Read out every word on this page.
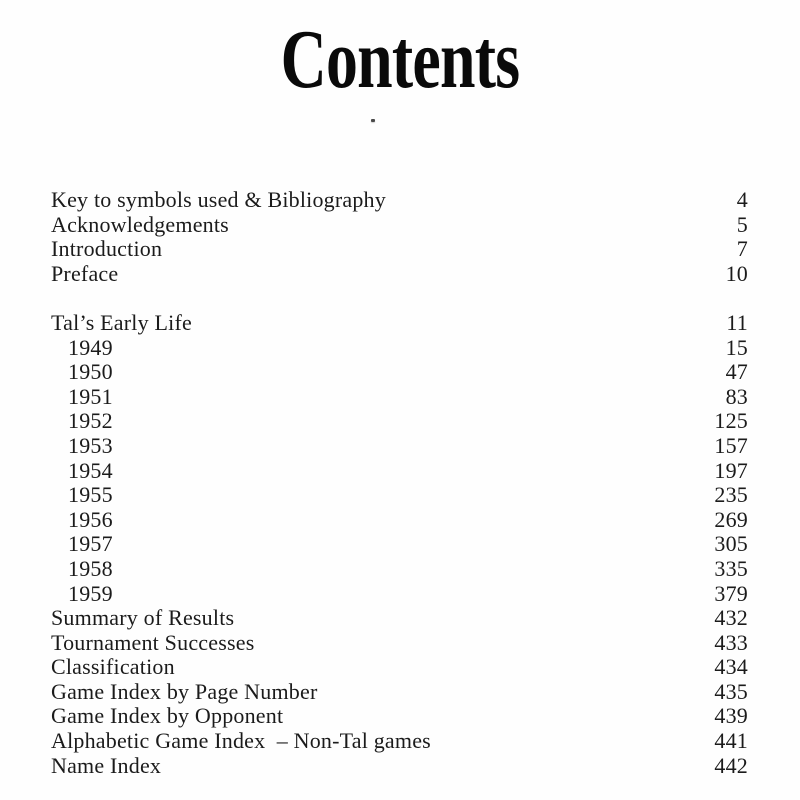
Contents
Key to symbols used & Bibliography	4
Acknowledgements	5
Introduction	7
Preface	10
Tal’s Early Life	11
1949	15
1950	47
1951	83
1952	125
1953	157
1954	197
1955	235
1956	269
1957	305
1958	335
1959	379
Summary of Results	432
Tournament Successes	433
Classification	434
Game Index by Page Number	435
Game Index by Opponent	439
Alphabetic Game Index  – Non-Tal games	441
Name Index	442
